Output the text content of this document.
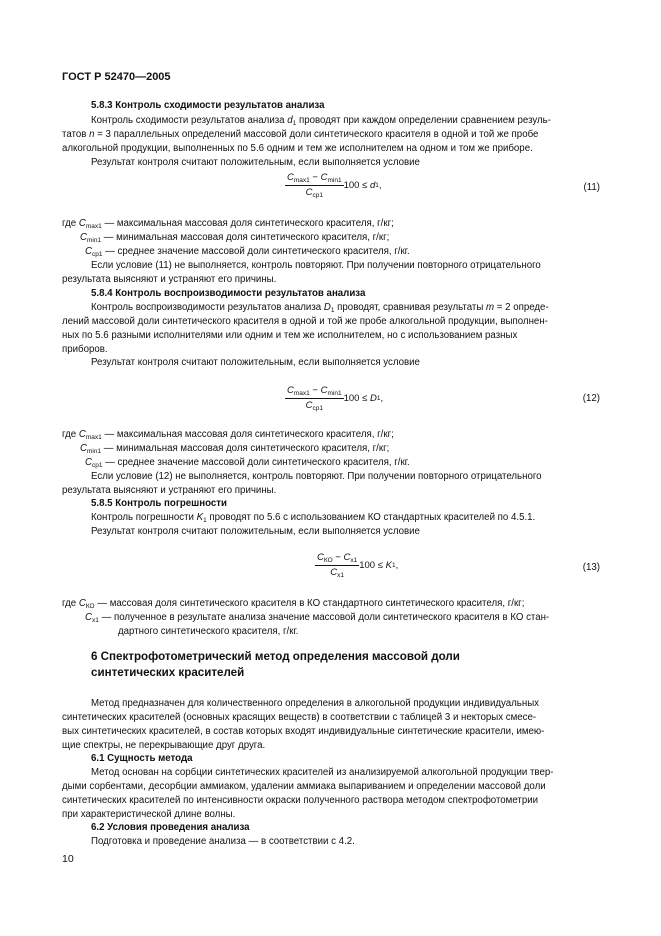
ГОСТ Р 52470—2005
5.8.3 Контроль сходимости результатов анализа
Контроль сходимости результатов анализа $d_1$ проводят при каждом определении сравнением резуль-
татов n = 3 параллельных определений массовой доли синтетического красителя в одной и той же пробе
алкогольной продукции, выполненных по 5.6 одним и тем же исполнителем на одном и том же приборе.
Результат контроля считают положительным, если выполняется условие
$\frac{C_{max1} - C_{min1}}{C_{ср1}} 100$ ≤
d 1 ,	(11)
где $C_{max1}$ — максимальная массовая доля синтетического красителя, г/кг;
$C_{min1}$ — минимальная массовая доля синтетического красителя, г/кг;
$C_{ср1}$ — среднее значение массовой доли синтетического красителя, г/кг.
Если условие (11) не выполняется, контроль повторяют. При получении повторного отрицательного
результата выясняют и устраняют его причины.
5.8.4 Контроль воспроизводимости результатов анализа
Контроль воспроизводимости результатов анализа $D_1$ проводят, сравнивая результаты m = 2 опреде-
лений массовой доли синтетического красителя в одной и той же пробе алкогольной продукции, выполнен-
ных по 5.6 разными исполнителями или одним и тем же исполнителем, но с использованием разных
приборов.
Результат контроля считают положительным, если выполняется условие
$\frac{C_{max1} - C_{min1}}{C_{ср1}} 100$ ≤
D 1 ,	(12)
где $C_{max1}$ — максимальная массовая доля синтетического красителя, г/кг;
$C_{min1}$ — минимальная массовая доля синтетического красителя, г/кг;
$C_{ср1}$ — среднее значение массовой доли синтетического красителя, г/кг.
Если условие (12) не выполняется, контроль повторяют. При получении повторного отрицательного
результата выясняют и устраняют его причины.
5.8.5 Контроль погрешности
Контроль погрешности $K_1$ проводят по 5.6 с использованием КО стандартных красителей по 4.5.1.
Результат контроля считают положительным, если выполняется условие
$\frac{C_{КО} - C_{x1}}{C_{x1}} 100$ ≤
K 1 ,	(13)
где $C_{КО}$ — массовая доля синтетического красителя в КО стандартного синтетического красителя, г/кг;
$C_{x1}$ — полученное в результате анализа значение массовой доли синтетического красителя в КО стан-
дартного синтетического красителя, г/кг.
6 Спектрофотометрический метод определения массовой доли
синтетических красителей
Метод предназначен для количественного определения в алкогольной продукции индивидуальных
синтетических красителей (основных красящих веществ) в соответствии с таблицей 3 и некторых смесе-
вых синтетических красителей, в состав которых входят индивидуальные синтетические красители, имею-
щие спектры, не перекрывающие друг друга.
6.1 Сущность метода
Метод основан на сорбции синтетических красителей из анализируемой алкогольной продукции твер-
дыми сорбентами, десорбции аммиаком, удалении аммиака выпариванием и определении массовой доли
синтетических красителей по интенсивности окраски полученного раствора методом спектрофотометрии
при характеристической длине волны.
6.2 Условия проведения анализа
Подготовка и проведение анализа — в соответствии с 4.2.
10
